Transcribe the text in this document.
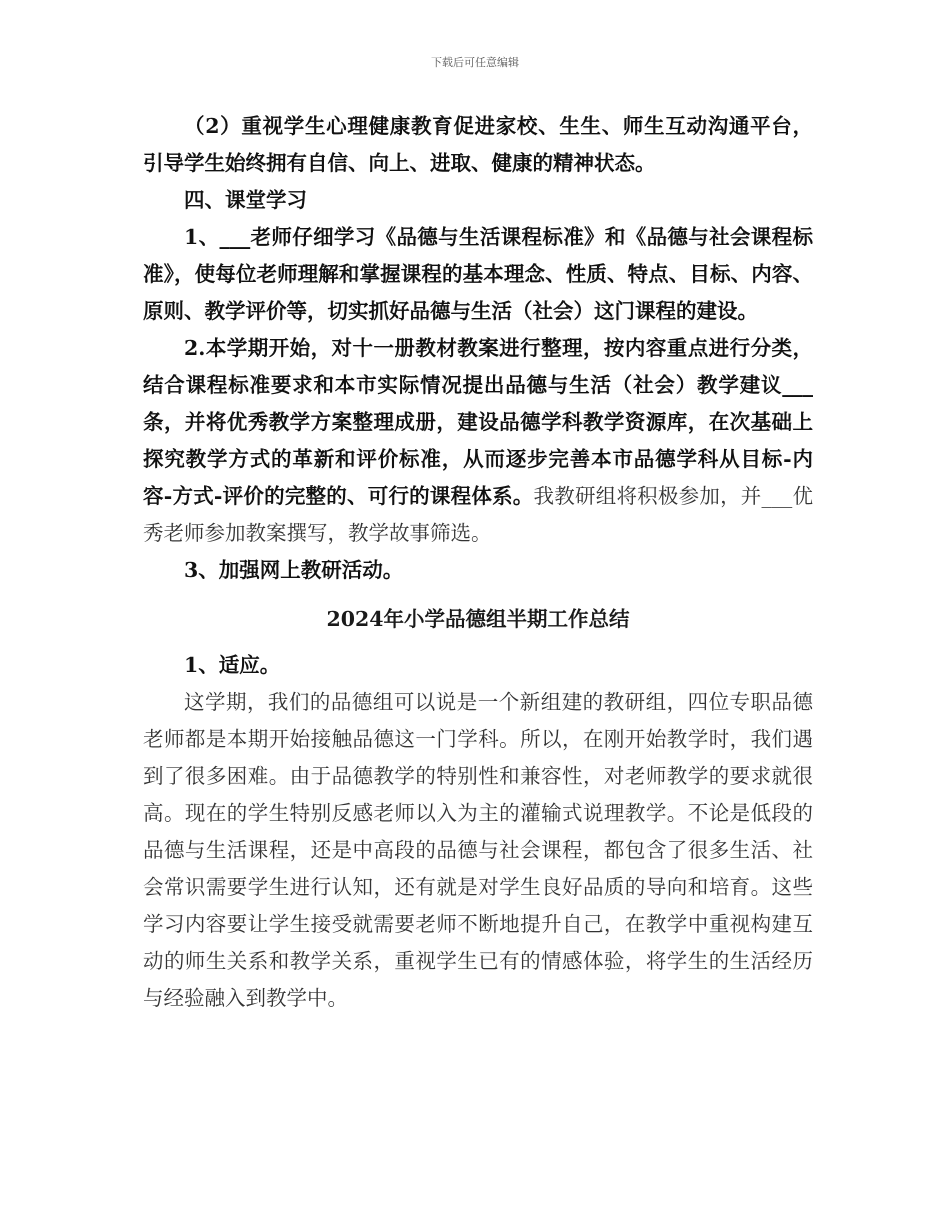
下载后可任意编辑

（2）重视学生心理健康教育促进家校、生生、师生互动沟通平台，引导学生始终拥有自信、向上、进取、健康的精神状态。

四、课堂学习

1、___老师仔细学习《品德与生活课程标准》和《品德与社会课程标准》，使每位老师理解和掌握课程的基本理念、性质、特点、目标、内容、原则、教学评价等，切实抓好品德与生活（社会）这门课程的建设。

2.本学期开始，对十一册教材教案进行整理，按内容重点进行分类，结合课程标准要求和本市实际情况提出品德与生活（社会）教学建议___条，并将优秀教学方案整理成册，建设品德学科教学资源库，在次基础上探究教学方式的革新和评价标准，从而逐步完善本市品德学科从目标-内容-方式-评价的完整的、可行的课程体系。我教研组将积极参加，并___优秀老师参加教案撰写，教学故事筛选。

3、加强网上教研活动。

2024年小学品德组半期工作总结

1、适应。

这学期，我们的品德组可以说是一个新组建的教研组，四位专职品德老师都是本期开始接触品德这一门学科。所以，在刚开始教学时，我们遇到了很多困难。由于品德教学的特别性和兼容性，对老师教学的要求就很高。现在的学生特别反感老师以入为主的灌输式说理教学。不论是低段的品德与生活课程，还是中高段的品德与社会课程，都包含了很多生活、社会常识需要学生进行认知，还有就是对学生良好品质的导向和培育。这些学习内容要让学生接受就需要老师不断地提升自己，在教学中重视构建互动的师生关系和教学关系，重视学生已有的情感体验，将学生的生活经历与经验融入到教学中。
